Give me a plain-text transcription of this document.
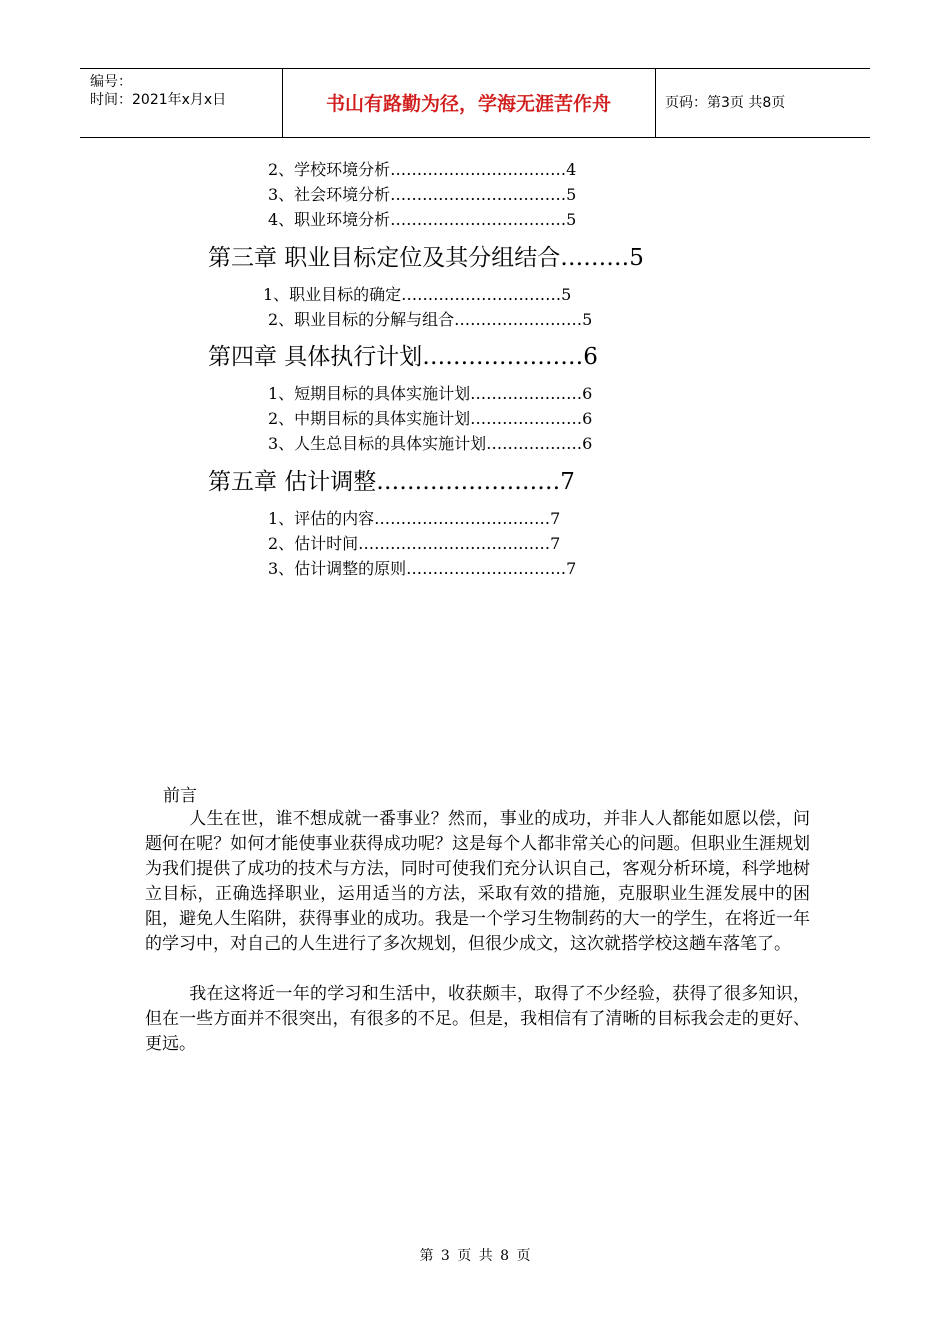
编号：
时间：2021年x月x日	书山有路勤为径，学海无涯苦作舟	页码：第3页 共8页
2、学校环境分析……………………………4
3、社会环境分析……………………………5
4、职业环境分析……………………………5
第三章 职业目标定位及其分组结合………5
1、职业目标的确定…………………………5
2、职业目标的分解与组合……………………5
第四章 具体执行计划…………………6
1、短期目标的具体实施计划…………………6
2、中期目标的具体实施计划…………………6
3、人生总目标的具体实施计划………………6
第五章 估计调整……………………7
1、评估的内容……………………………7
2、估计时间………………………………7
3、估计调整的原则…………………………7
前言
人生在世，谁不想成就一番事业？然而，事业的成功，并非人人都能如愿以偿，问题何在呢？如何才能使事业获得成功呢？这是每个人都非常关心的问题。但职业生涯规划为我们提供了成功的技术与方法，同时可使我们充分认识自己，客观分析环境，科学地树立目标，正确选择职业，运用适当的方法，采取有效的措施，克服职业生涯发展中的困阻，避免人生陷阱，获得事业的成功。我是一个学习生物制药的大一的学生，在将近一年的学习中，对自己的人生进行了多次规划，但很少成文，这次就搭学校这趟车落笔了。
我在这将近一年的学习和生活中，收获颇丰，取得了不少经验，获得了很多知识，但在一些方面并不很突出，有很多的不足。但是，我相信有了清晰的目标我会走的更好、更远。
第 3 页 共 8 页
